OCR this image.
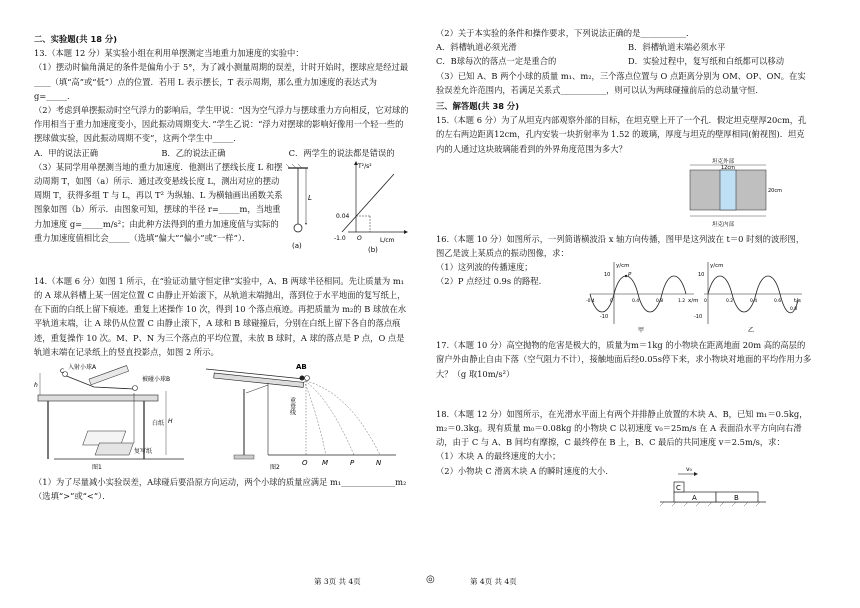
二、实验题(共 18 分)

13.（本题 12 分）某实验小组在利用单摆测定当地重力加速度的实验中：

（1）摆动时偏角满足的条件是偏角小于 5°，为了减小测量周期的误差，计时开始时，摆球应是经过最____（填“高”或“低”）点的位置．若用 L 表示摆长，T 表示周期，那么重力加速度的表达式为 g=_____．

（2）考虑到单摆振动时空气浮力的影响后，学生甲说：“因为空气浮力与摆球重力方向相反，它对球的作用相当于重力加速度变小，因此振动周期变大．”学生乙说：“浮力对摆球的影响好像用一个轻一些的摆球做实验，因此振动周期不变”，这两个学生中_____．

A．甲的说法正确	B．乙的说法正确	C．两学生的说法都是错误的

（3）某同学用单摆测当地的重力加速度．他测出了摆线长度 L 和摆动周期 T，如图（a）所示．通过改变悬线长度 L，测出对应的摆动周期 T，获得多组 T 与 L，再以 T² 为纵轴、L 为横轴画出函数关系图象如图（b）所示．由图象可知，摆球的半径 r=_____m，当地重力加速度 g=_____m/s²；由此种方法得到的重力加速度值与实际的重力加速度值相比会_____（选填“偏大”“偏小”或“一样”）．

L
(a)
T²/s²
L/cm
0.04
-1.0 O
(b)

14.（本题 6 分）如图 1 所示，在“验证动量守恒定律”实验中，A、B 两球半径相同。先让质量为 m₁的 A 球从斜槽上某一固定位置 C 由静止开始滚下，从轨道末端抛出，落到位于水平地面的复写纸上，在下面的白纸上留下痕迹。重复上述操作 10 次，得到 10 个落点痕迹。再把质量为 m₂的 B 球放在水平轨道末端，让 A 球仍从位置 C 由静止滚下，A 球和 B 球碰撞后，分别在白纸上留下各自的落点痕迹，重复操作 10 次。M、P、N 为三个落点的平均位置，未放 B 球时，A 球的落点是 P 点，O 点是轨道末端在记录纸上的竖直投影点，如图 2 所示。

入射小球A
被碰小球B
白纸
复写纸
C
h
H
图1
AB
重垂线
O M	P	N
图2

（1）为了尽量减小实验误差，A球碰后要沿原方向运动，两个小球的质量应满足 m₁_____________m₂（选填“>”或“<”）．

第 3页 共 4页	◎	第 4页 共 4页

（2）关于本实验的条件和操作要求，下列说法正确的是___________．

A．斜槽轨道必须光滑	B．斜槽轨道末端必须水平
C．B球每次的落点一定是重合的	D．实验过程中，复写纸和白纸都可以移动

（3）已知 A、B 两个小球的质量 m₁、m₂，三个落点位置与 O 点距离分别为 OM、OP、ON。在实验误差允许范围内，若满足关系式___________，则可以认为两球碰撞前后的总动量守恒．

三、解答题(共 38 分)

15.（本题 6 分）为了从坦克内部观察外部的目标，在坦克壁上开了一个孔．假定坦克壁厚20cm，孔的左右两边距离12cm，孔内安装一块折射率为 1.52 的玻璃，厚度与坦克的壁厚相同(俯视图)．坦克内的人通过这块玻璃能看到的外界角度范围为多大？

坦克外部
12cm
20cm
坦克内部

16.（本题 10 分）如图所示，一列简谐横波沿 x 轴方向传播，图甲是这列波在 t＝0 时刻的波形图，图乙是波上某质点的振动图像，求：

（1）这列波的传播速度；

（2）P 点经过 0.9s 的路程.

P
y/cm
x/m
10
-10
-0.4	0	0.4	0.8	1.2
甲
y/cm
t/s
10
-10
0	0.2	0.4	0.6
0.8
乙

17.（本题 10 分）高空抛物的危害是极大的，质量为m＝1kg 的小物块在距离地面 20m 高的高层的窗户外由静止自由下落（空气阻力不计），接触地面后经0.05s停下来，求小物块对地面的平均作用力多大？（g 取10m/s²）

18.（本题 12 分）如图所示，在光滑水平面上有两个并排静止放置的木块 A、B，已知 m₁＝0.5kg，m₂＝0.3kg。现有质量 m₀＝0.08kg 的小物块 C 以初速度 v₀＝25m/s 在 A 表面沿水平方向向右滑动，由于 C 与 A、B 间均有摩擦，C 最终停在 B 上，B、C 最后的共同速度 v＝2.5m/s，求：

（1）木块 A 的最终速度的大小；

（2）小物块 C 滑离木块 A 的瞬时速度的大小.	v₀
C
A	B
